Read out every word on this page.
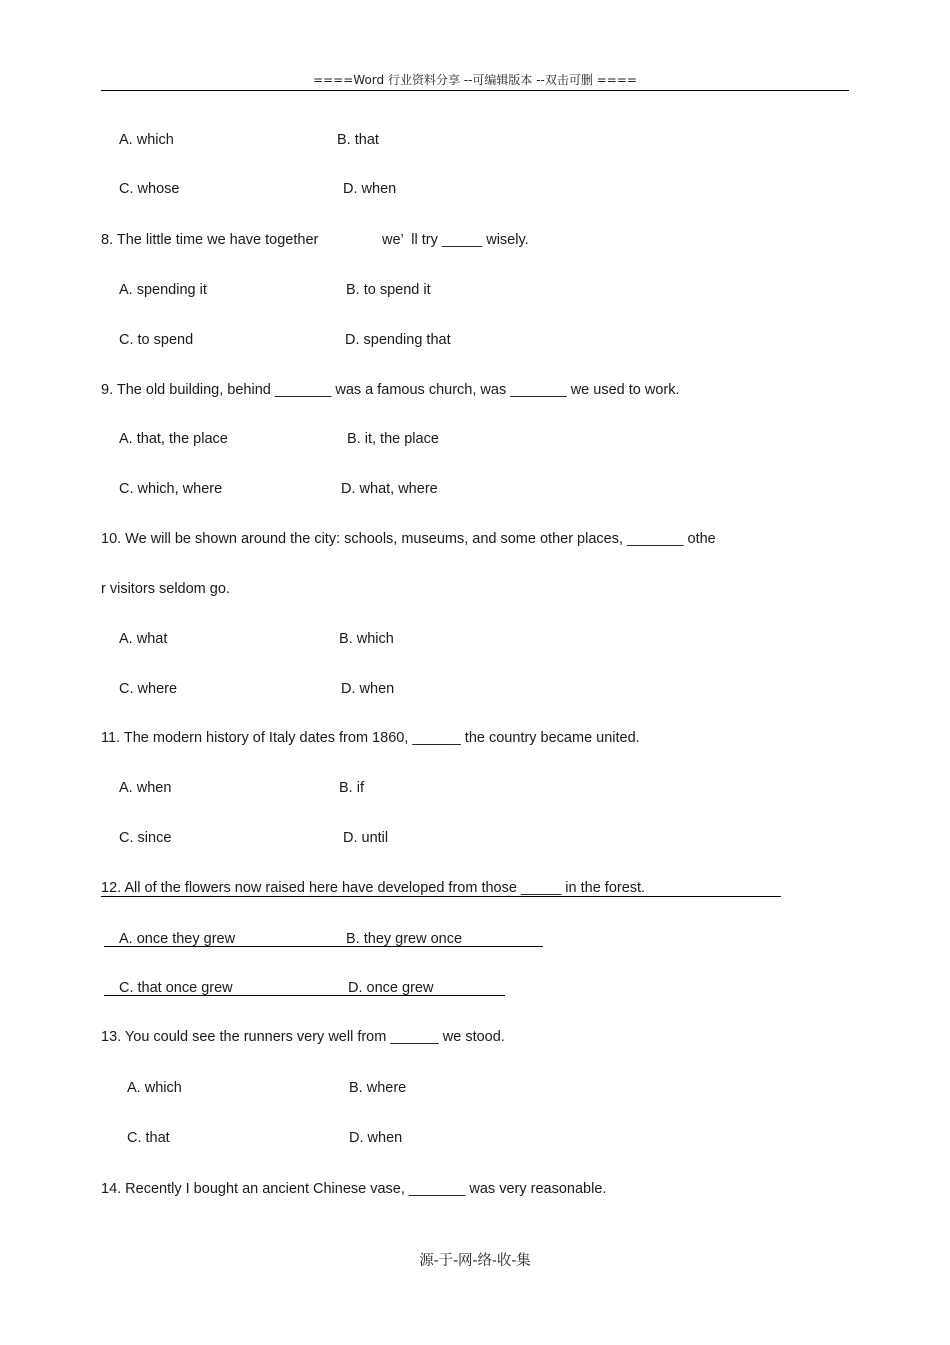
====Word 行业资料分享 --可编辑版本 --双击可删 ====
A. which	B. that
C. whose	D. when
8. The little time we have together	we’  ll try _____ wisely.
A. spending it	B. to spend it
C. to spend	D. spending that
9. The old building, behind _______ was a famous church, was _______ we used to work.
A. that, the place	B. it, the place
C. which, where	D. what, where
10. We will be shown around the city: schools, museums, and some other places, _______ othe
r visitors seldom go.
A. what	B. which
C. where	D. when
11. The modern history of Italy dates from 1860, ______ the country became united.
A. when	B. if
C. since	D. until
12. All of the flowers now raised here have developed from those _____ in the forest.
A. once they grew	B. they grew once
C. that once grew	D. once grew
13. You could see the runners very well from ______ we stood.
A. which	B. where
C. that	D. when
14. Recently I bought an ancient Chinese vase, _______ was very reasonable.
源-于-网-络-收-集
